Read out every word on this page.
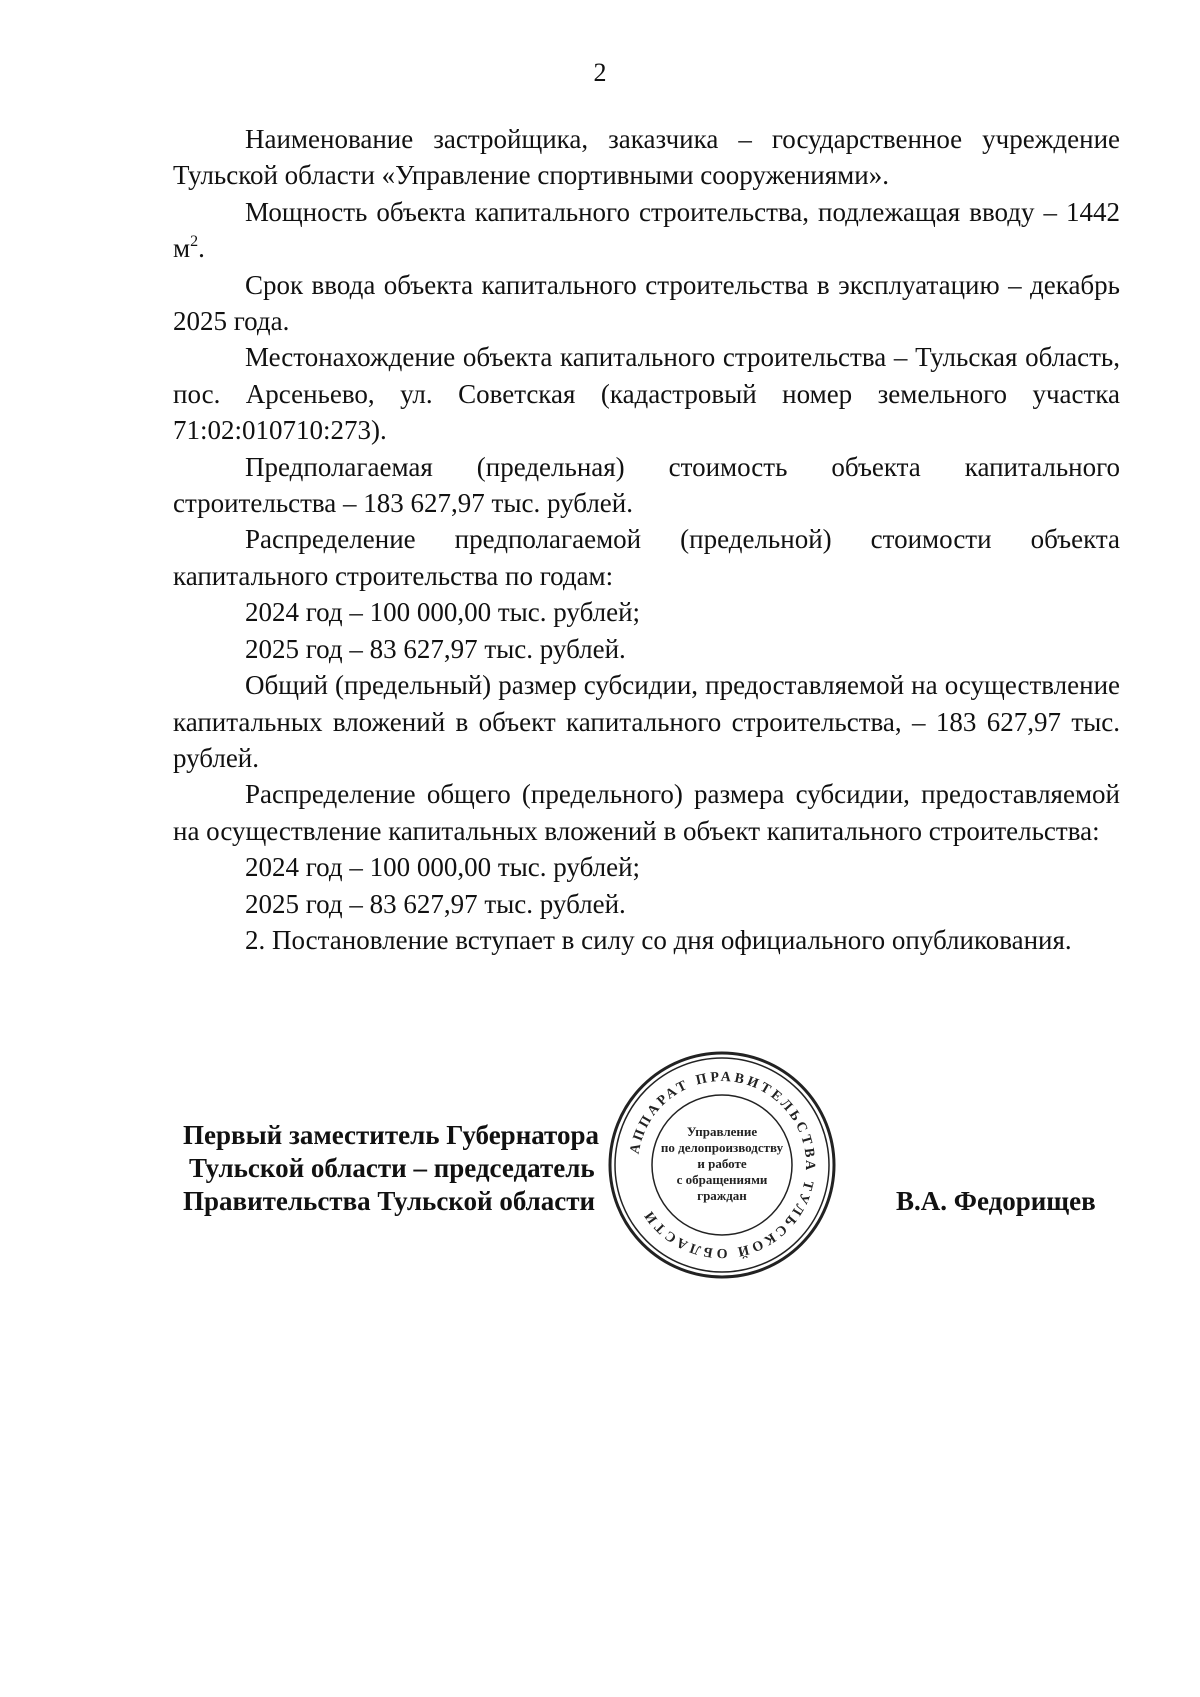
2

Наименование застройщика, заказчика – государственное учреждение Тульской области «Управление спортивными сооружениями».

Мощность объекта капитального строительства, подлежащая вводу – 1442 $м^2$.

Срок ввода объекта капитального строительства в эксплуатацию – декабрь 2025 года.

Местонахождение объекта капитального строительства – Тульская область, пос. Арсеньево, ул. Советская (кадастровый номер земельного участка 71:02:010710:273).

Предполагаемая (предельная) стоимость объекта капитального строительства – 183 627,97 тыс. рублей.

Распределение предполагаемой (предельной) стоимости объекта капитального строительства по годам:

2024 год – 100 000,00 тыс. рублей;

2025 год – 83 627,97 тыс. рублей.

Общий (предельный) размер субсидии, предоставляемой на осуществление капитальных вложений в объект капитального строительства, – 183 627,97 тыс. рублей.

Распределение общего (предельного) размера субсидии, предоставляемой на осуществление капитальных вложений в объект капитального строительства:

2024 год – 100 000,00 тыс. рублей;

2025 год – 83 627,97 тыс. рублей.

2. Постановление вступает в силу со дня официального опубликования.

Первый заместитель Губернатора
Тульской области – председатель
Правительства Тульской области
АППАРАТ ПРАВИТЕЛЬСТВА ТУЛЬСКОЙ ОБЛАСТИ
Управление
по делопроизводству
и работе
с обращениями
граждан	В.А. Федорищев
